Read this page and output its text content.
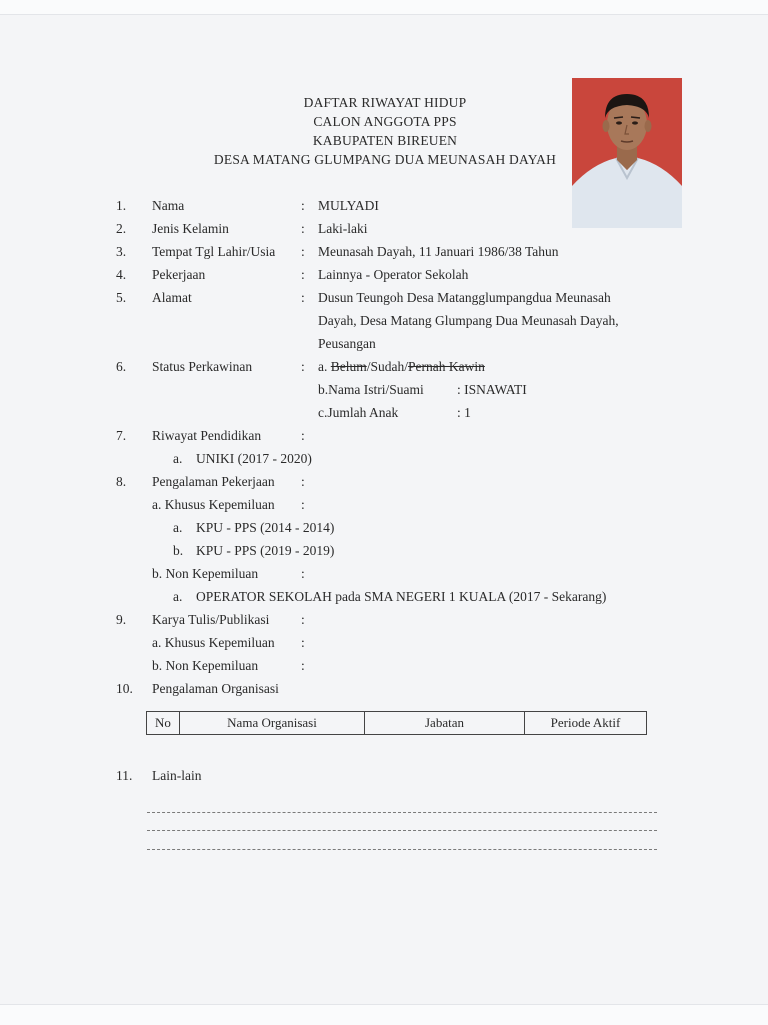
DAFTAR RIWAYAT HIDUP
CALON ANGGOTA PPS
KABUPATEN BIREUEN
DESA MATANG GLUMPANG DUA MEUNASAH DAYAH
1. Nama	: MULYADI
2. Jenis Kelamin	: Laki-laki
3. Tempat Tgl Lahir/Usia : Meunasah Dayah, 11 Januari 1986/38 Tahun
4. Pekerjaan	: Lainnya - Operator Sekolah
5. Alamat	: Dusun Teungoh Desa Matangglumpangdua Meunasah
Dayah, Desa Matang Glumpang Dua Meunasah Dayah,
Peusangan
6. Status Perkawinan	: a. Belum/Sudah/Pernah Kawin
b.Nama Istri/Suami : ISNAWATI
c.Jumlah Anak	: 1
7. Riwayat Pendidikan	:
a. UNIKI (2017 - 2020)
8. Pengalaman Pekerjaan :
a. Khusus Kepemiluan :
a. KPU - PPS (2014 - 2014)
b. KPU - PPS (2019 - 2019)
b. Non Kepemiluan	:
a. OPERATOR SEKOLAH pada SMA NEGERI 1 KUALA (2017 - Sekarang)
9. Karya Tulis/Publikasi :
a. Khusus Kepemiluan :
b. Non Kepemiluan	:
10. Pengalaman Organisasi
No	Nama Organisasi	Jabatan	Periode Aktif
11. Lain-lain
